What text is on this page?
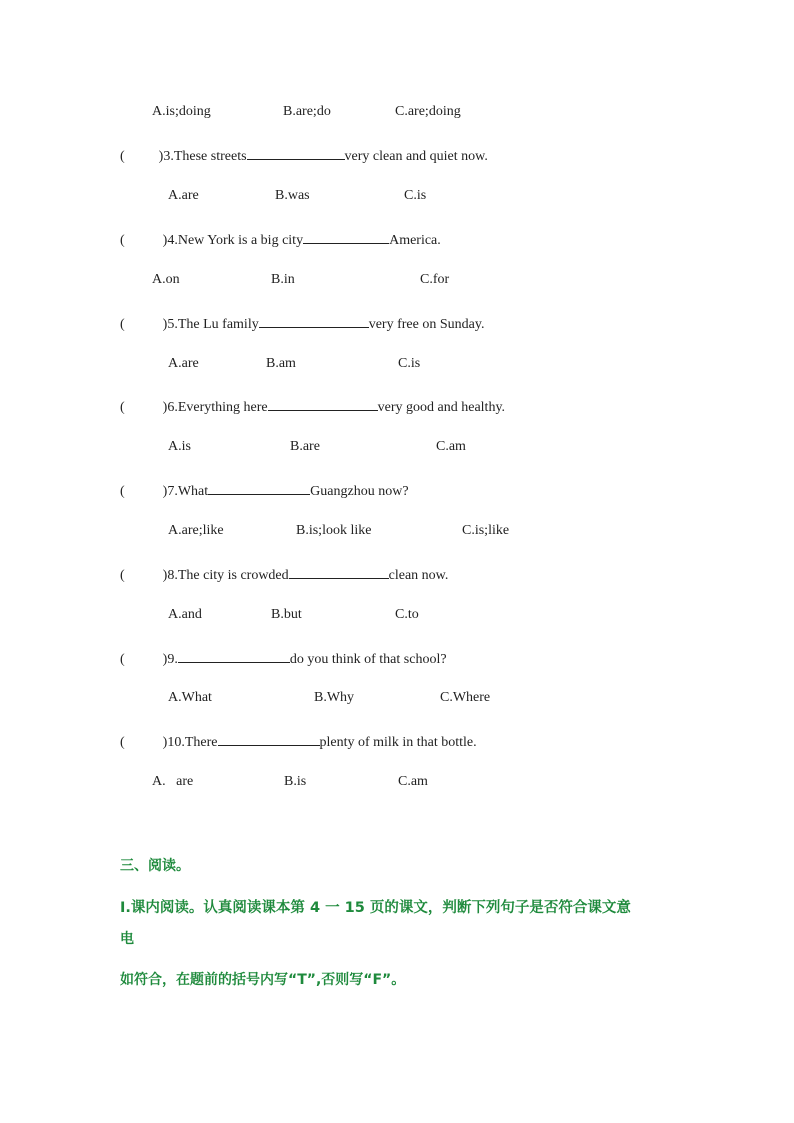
A.is;doing	B.are;do	C.are;doing
( )3.These streets	very clean and quiet now.
A.are	B.was	C.is
(	)4.New York is a big city	America.
A.on	B.in	C.for
(	)5.The Lu family	very free on Sunday.
A.are	B.am	C.is
(	)6.Everything here	very good and healthy.
A.is	B.are	C.am
(	)7.What	Guangzhou now?
A.are;like	B.is;look like	C.is;like
(	)8.The city is crowded	clean now.
A.and	B.but	C.to
(	)9.	do you think of that school?
A.What	B.Why	C.Where
(	)10.There	plenty of milk in that bottle.
A.   are	B.is	C.am
三、阅读。
I.课内阅读。认真阅读课本第 4 一 15 页的课文，判断下列句子是否符合课文意
电
如符合，在题前的括号内写“T”,否则写“F”。
